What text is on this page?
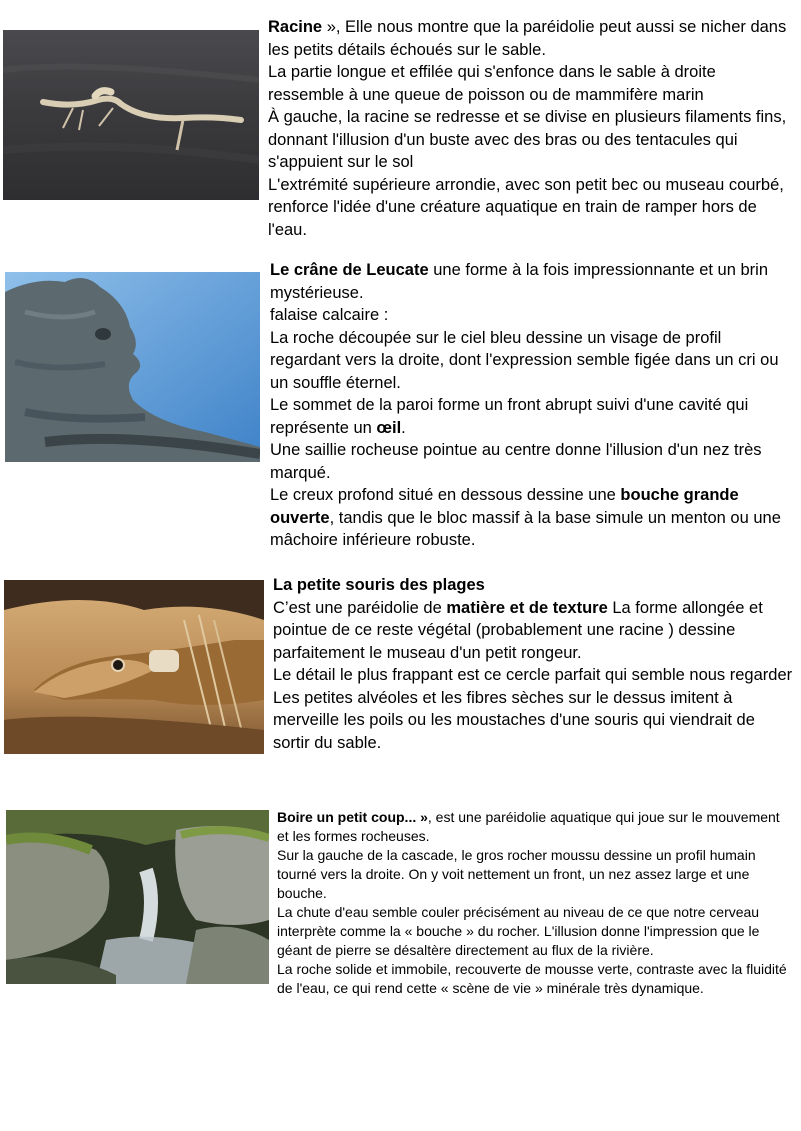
Racine », Elle nous montre que la paréidolie peut aussi se nicher dans les petits détails échoués sur le sable.

La partie longue et effilée qui s'enfonce dans le sable à droite ressemble à une queue de poisson ou de mammifère marin

À gauche, la racine se redresse et se divise en plusieurs filaments fins, donnant l'illusion d'un buste avec des bras ou des tentacules qui s'appuient sur le sol

L'extrémité supérieure arrondie, avec son petit bec ou museau courbé, renforce l'idée d'une créature aquatique en train de ramper hors de l'eau.

Le crâne de Leucate une forme à la fois impressionnante et un brin mystérieuse.

falaise calcaire :

La roche découpée sur le ciel bleu dessine un visage de profil regardant vers la droite, dont l'expression semble figée dans un cri ou un souffle éternel.

Le sommet de la paroi forme un front abrupt suivi d'une cavité qui représente un œil.

Une saillie rocheuse pointue au centre donne l'illusion d'un nez très marqué.

Le creux profond situé en dessous dessine une bouche grande ouverte, tandis que le bloc massif à la base simule un menton ou une mâchoire inférieure robuste.

La petite souris des plages

C’est une paréidolie de matière et de texture La forme allongée et pointue de ce reste végétal (probablement une racine ) dessine parfaitement le museau d'un petit rongeur.

Le détail le plus frappant est ce cercle parfait qui semble nous regarder

Les petites alvéoles et les fibres sèches sur le dessus imitent à merveille les poils ou les moustaches d'une souris qui viendrait de sortir du sable.

Boire un petit coup... », est une paréidolie aquatique qui joue sur le mouvement et les formes rocheuses.

Sur la gauche de la cascade, le gros rocher moussu dessine un profil humain tourné vers la droite. On y voit nettement un front, un nez assez large et une bouche.

La chute d'eau semble couler précisément au niveau de ce que notre cerveau interprète comme la « bouche » du rocher. L'illusion donne l'impression que le géant de pierre se désaltère directement au flux de la rivière.

La roche solide et immobile, recouverte de mousse verte, contraste avec la fluidité de l'eau, ce qui rend cette « scène de vie » minérale très dynamique.
